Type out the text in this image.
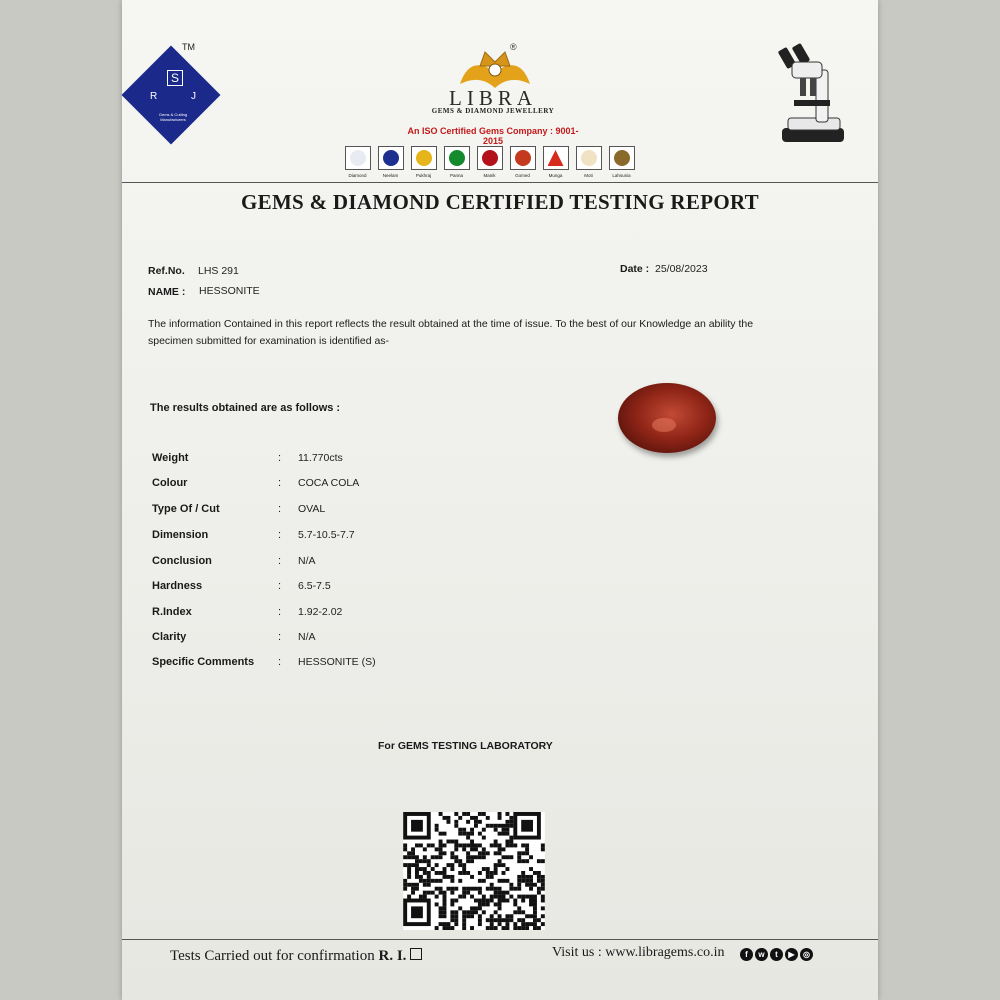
TM
S
R	J
Gems & Cutting Manufacturers
®
LIBRA
GEMS & DIAMOND JEWELLERY
An ISO Certified Gems Company : 9001-2015
Diamond	Neelam	Pukhraj	Panna	Manik	Gomed	Munga	Moti	Lahsunia
GEMS & DIAMOND CERTIFIED TESTING REPORT
Ref.No. LHS 291
NAME : HESSONITE
Date : 25/08/2023
The information Contained in this report reflects the result obtained at the time of issue. To the best of our Knowledge an ability the specimen submitted for examination is identified as-
The results obtained are as follows :
Weight	: 11.770cts
Colour	: COCA COLA
Type Of / Cut	: OVAL
Dimension	: 5.7-10.5-7.7
Conclusion	: N/A
Hardness	: 6.5-7.5
R.Index	: 1.92-2.02
Clarity	: N/A
Specific Comments : HESSONITE (S)
For GEMS TESTING LABORATORY
Tests Carried out for confirmation R. I.	Visit us : www.libragems.co.in	f	w	t	▶	◎
